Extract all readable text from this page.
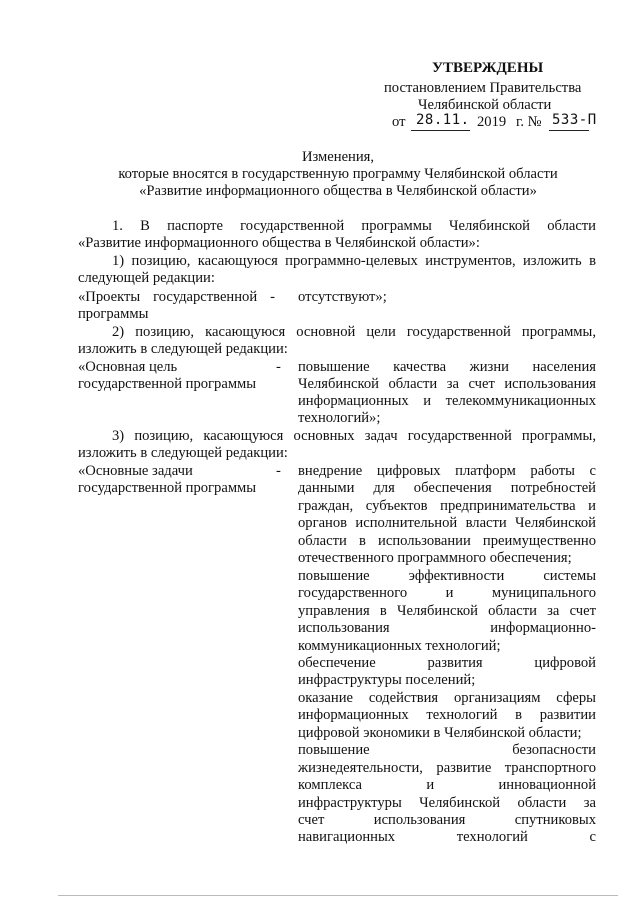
УТВЕРЖДЕНЫ
постановлением Правительства
Челябинской области
от 28.11. 2019 г. № 533-П
Изменения,
которые вносятся в государственную программу Челябинской области
«Развитие информационного общества в Челябинской области»
1. В паспорте государственной программы Челябинской области
«Развитие информационного общества в Челябинской области»:
1) позицию, касающуюся программно-целевых инструментов, изложить в
следующей редакции:
«Проекты государственной -
программы
отсутствуют»;
2) позицию, касающуюся основной цели государственной программы,
изложить в следующей редакции:
«Основная цель	-
государственной программы
повышение качества жизни населения
Челябинской области за счет использования
информационных и телекоммуникационных
технологий»;
3) позицию, касающуюся основных задач государственной программы,
изложить в следующей редакции:
«Основные задачи	-
государственной программы
внедрение цифровых платформ работы с
данными для обеспечения потребностей
граждан, субъектов предпринимательства и
органов исполнительной власти Челябинской
области в использовании преимущественно
отечественного программного обеспечения;
повышение эффективности системы
государственного и муниципального
управления в Челябинской области за счет
использования информационно-
коммуникационных технологий;
обеспечение развития цифровой
инфраструктуры поселений;
оказание содействия организациям сферы
информационных технологий в развитии
цифровой экономики в Челябинской области;
повышение безопасности
жизнедеятельности, развитие транспортного
комплекса и инновационной
инфраструктуры Челябинской области за
счет использования спутниковых
навигационных технологий с
